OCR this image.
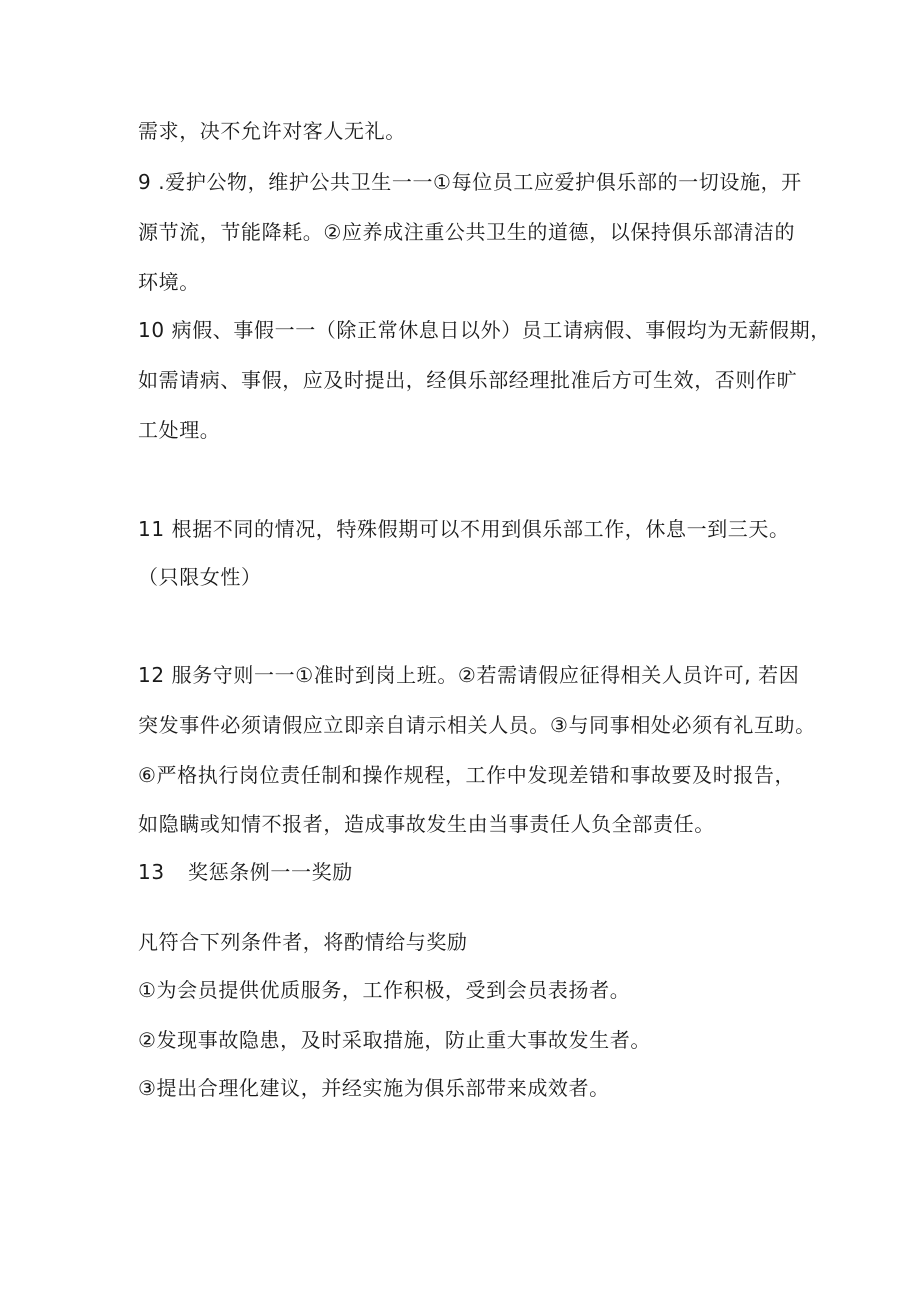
需求，决不允许对客人无礼。
9 .爱护公物，维护公共卫生一一①每位员工应爱护俱乐部的一切设施，开
源节流，节能降耗。②应养成注重公共卫生的道德，以保持俱乐部清洁的
环境。
10 病假、事假一一（除正常休息日以外）员工请病假、事假均为无薪假期，
如需请病、事假，应及时提出，经俱乐部经理批准后方可生效，否则作旷
工处理。
11 根据不同的情况，特殊假期可以不用到俱乐部工作，休息一到三天。
（只限女性）
12 服务守则一一①准时到岗上班。②若需请假应征得相关人员许可, 若因
突发事件必须请假应立即亲自请示相关人员。③与同事相处必须有礼互助。
⑥严格执行岗位责任制和操作规程，工作中发现差错和事故要及时报告，
如隐瞒或知情不报者，造成事故发生由当事责任人负全部责任。
13 奖惩条例一一奖励
凡符合下列条件者，将酌情给与奖励
①为会员提供优质服务，工作积极，受到会员表扬者。
②发现事故隐患，及时采取措施，防止重大事故发生者。
③提出合理化建议，并经实施为俱乐部带来成效者。
